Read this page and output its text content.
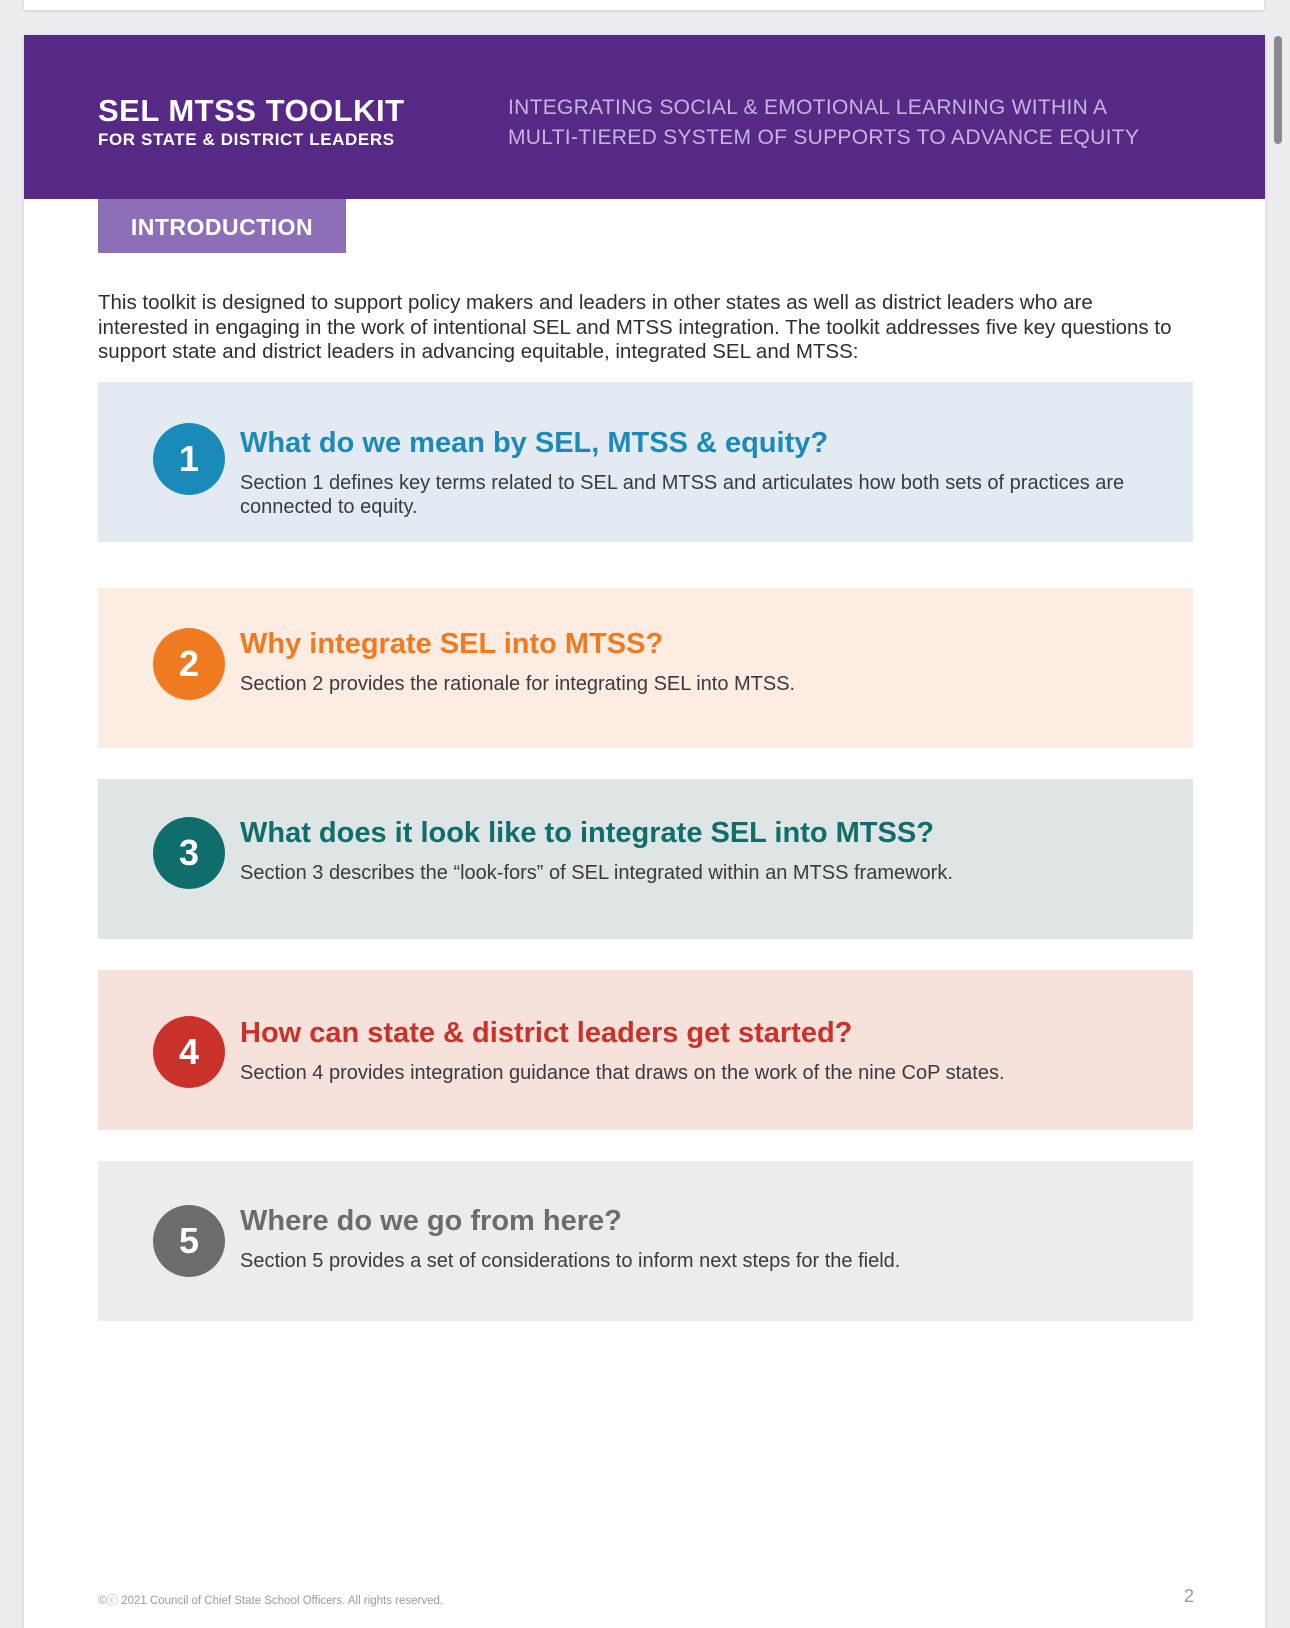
SEL MTSS TOOLKIT
FOR STATE & DISTRICT LEADERS
INTEGRATING SOCIAL & EMOTIONAL LEARNING WITHIN A
MULTI-TIERED SYSTEM OF SUPPORTS TO ADVANCE EQUITY
INTRODUCTION

This toolkit is designed to support policy makers and leaders in other states as well as district leaders who are interested in engaging in the work of intentional SEL and MTSS integration. The toolkit addresses five key questions to support state and district leaders in advancing equitable, integrated SEL and MTSS:

1	What do we mean by SEL, MTSS & equity?
Section 1 defines key terms related to SEL and MTSS and articulates how both sets of practices are connected to equity.
2	Why integrate SEL into MTSS?
Section 2 provides the rationale for integrating SEL into MTSS.
3	What does it look like to integrate SEL into MTSS?
Section 3 describes the “look-fors” of SEL integrated within an MTSS framework.
4	How can state & district leaders get started?
Section 4 provides integration guidance that draws on the work of the nine CoP states.
5	Where do we go from here?
Section 5 provides a set of considerations to inform next steps for the field.
©ⓒ 2021 Council of Chief State School Officers. All rights reserved.	2
